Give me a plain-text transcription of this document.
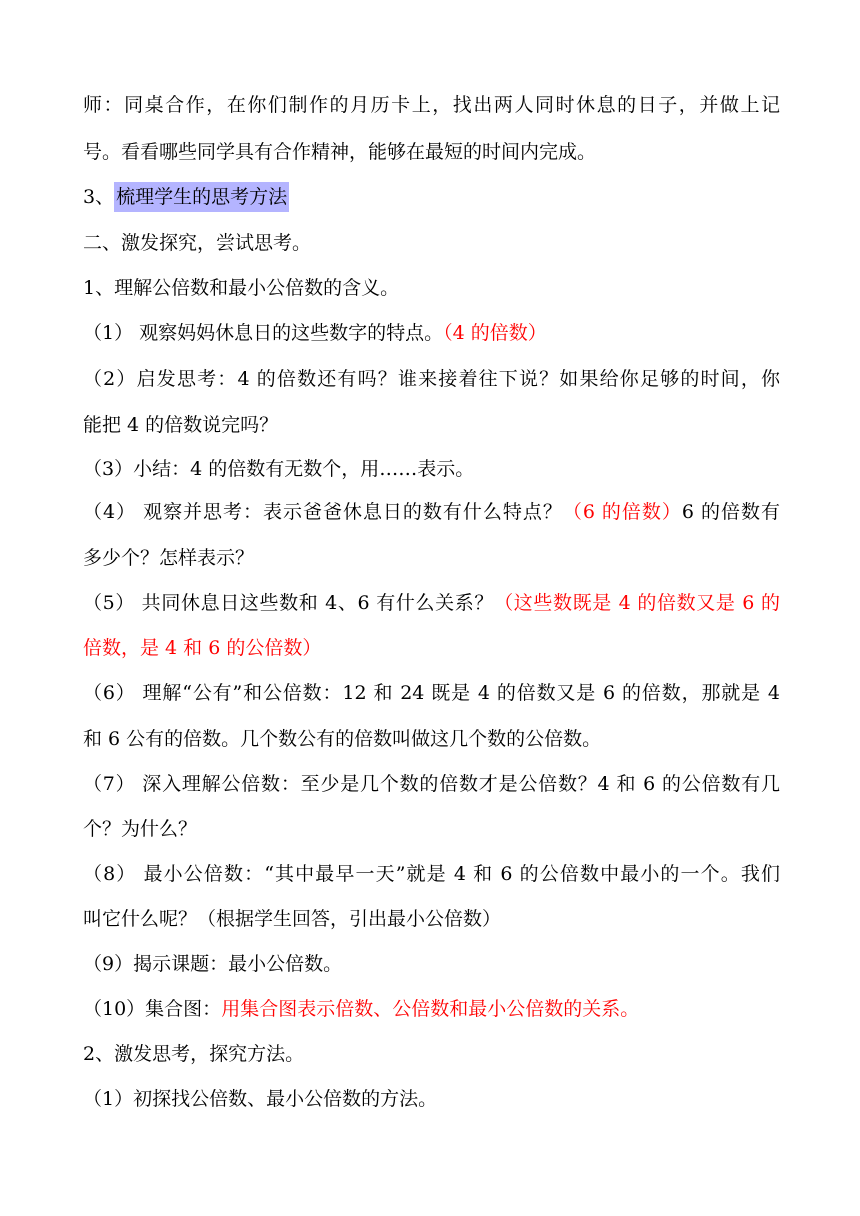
师：同桌合作，在你们制作的月历卡上，找出两人同时休息的日子，并做上记
号。看看哪些同学具有合作精神，能够在最短的时间内完成。
3、 梳理学生的思考方法
二、激发探究，尝试思考。
1、理解公倍数和最小公倍数的含义。
（1） 观察妈妈休息日的这些数字的特点。（4 的倍数）
（2）启发思考：4 的倍数还有吗？谁来接着往下说？如果给你足够的时间，你
能把 4 的倍数说完吗？
（3）小结：4 的倍数有无数个，用……表示。
（4） 观察并思考：表示爸爸休息日的数有什么特点？（6 的倍数）6 的倍数有
多少个？怎样表示？
（5） 共同休息日这些数和 4、6 有什么关系？（这些数既是 4 的倍数又是 6 的
倍数，是 4 和 6 的公倍数）
（6） 理解“公有”和公倍数：12 和 24 既是 4 的倍数又是 6 的倍数，那就是 4
和 6 公有的倍数。几个数公有的倍数叫做这几个数的公倍数。
（7） 深入理解公倍数：至少是几个数的倍数才是公倍数？4 和 6 的公倍数有几
个？为什么？
（8） 最小公倍数：“其中最早一天”就是 4 和 6 的公倍数中最小的一个。我们
叫它什么呢？（根据学生回答，引出最小公倍数）
（9）揭示课题：最小公倍数。
（10）集合图：用集合图表示倍数、公倍数和最小公倍数的关系。
2、激发思考，探究方法。
（1）初探找公倍数、最小公倍数的方法。
